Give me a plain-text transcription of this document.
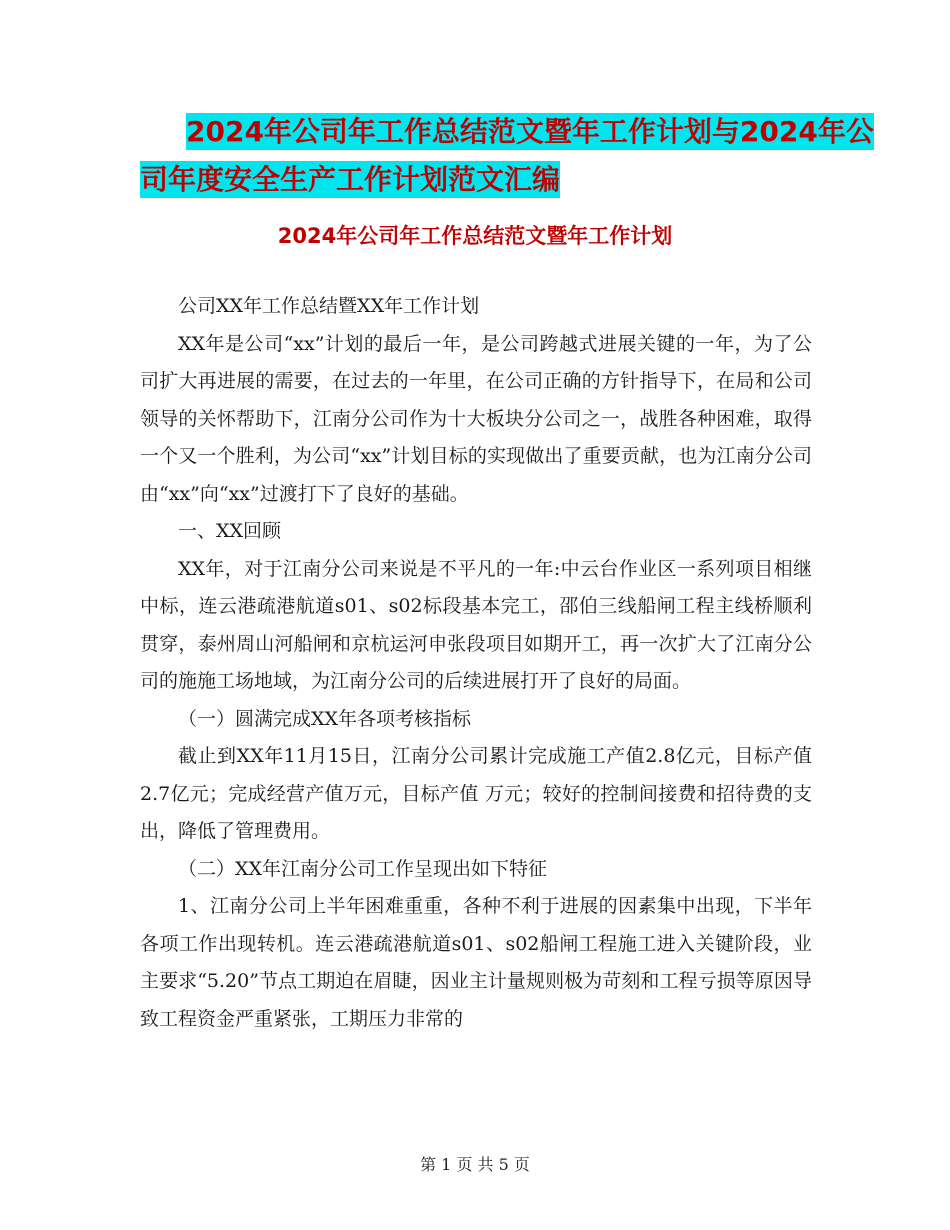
2024年公司年工作总结范文暨年工作计划与2024年公
司年度安全生产工作计划范文汇编
2024年公司年工作总结范文暨年工作计划

公司XX年工作总结暨XX年工作计划

XX年是公司“xx”计划的最后一年，是公司跨越式进展关键的一年，为了公司扩大再进展的需要，在过去的一年里，在公司正确的方针指导下，在局和公司领导的关怀帮助下，江南分公司作为十大板块分公司之一，战胜各种困难，取得一个又一个胜利，为公司“xx”计划目标的实现做出了重要贡献，也为江南分公司由“xx”向“xx”过渡打下了良好的基础。

一、XX回顾

XX年，对于江南分公司来说是不平凡的一年:中云台作业区一系列项目相继中标，连云港疏港航道s01、s02标段基本完工，邵伯三线船闸工程主线桥顺利贯穿，泰州周山河船闸和京杭运河申张段项目如期开工，再一次扩大了江南分公司的施施工场地域，为江南分公司的后续进展打开了良好的局面。

（一）圆满完成XX年各项考核指标

截止到XX年11月15日，江南分公司累计完成施工产值2.8亿元，目标产值2.7亿元；完成经营产值万元，目标产值 万元；较好的控制间接费和招待费的支出，降低了管理费用。

（二）XX年江南分公司工作呈现出如下特征

1、江南分公司上半年困难重重，各种不利于进展的因素集中出现，下半年各项工作出现转机。连云港疏港航道s01、s02船闸工程施工进入关键阶段，业主要求“5.20”节点工期迫在眉睫，因业主计量规则极为苛刻和工程亏损等原因导致工程资金严重紧张，工期压力非常的

第 1 页 共 5 页
